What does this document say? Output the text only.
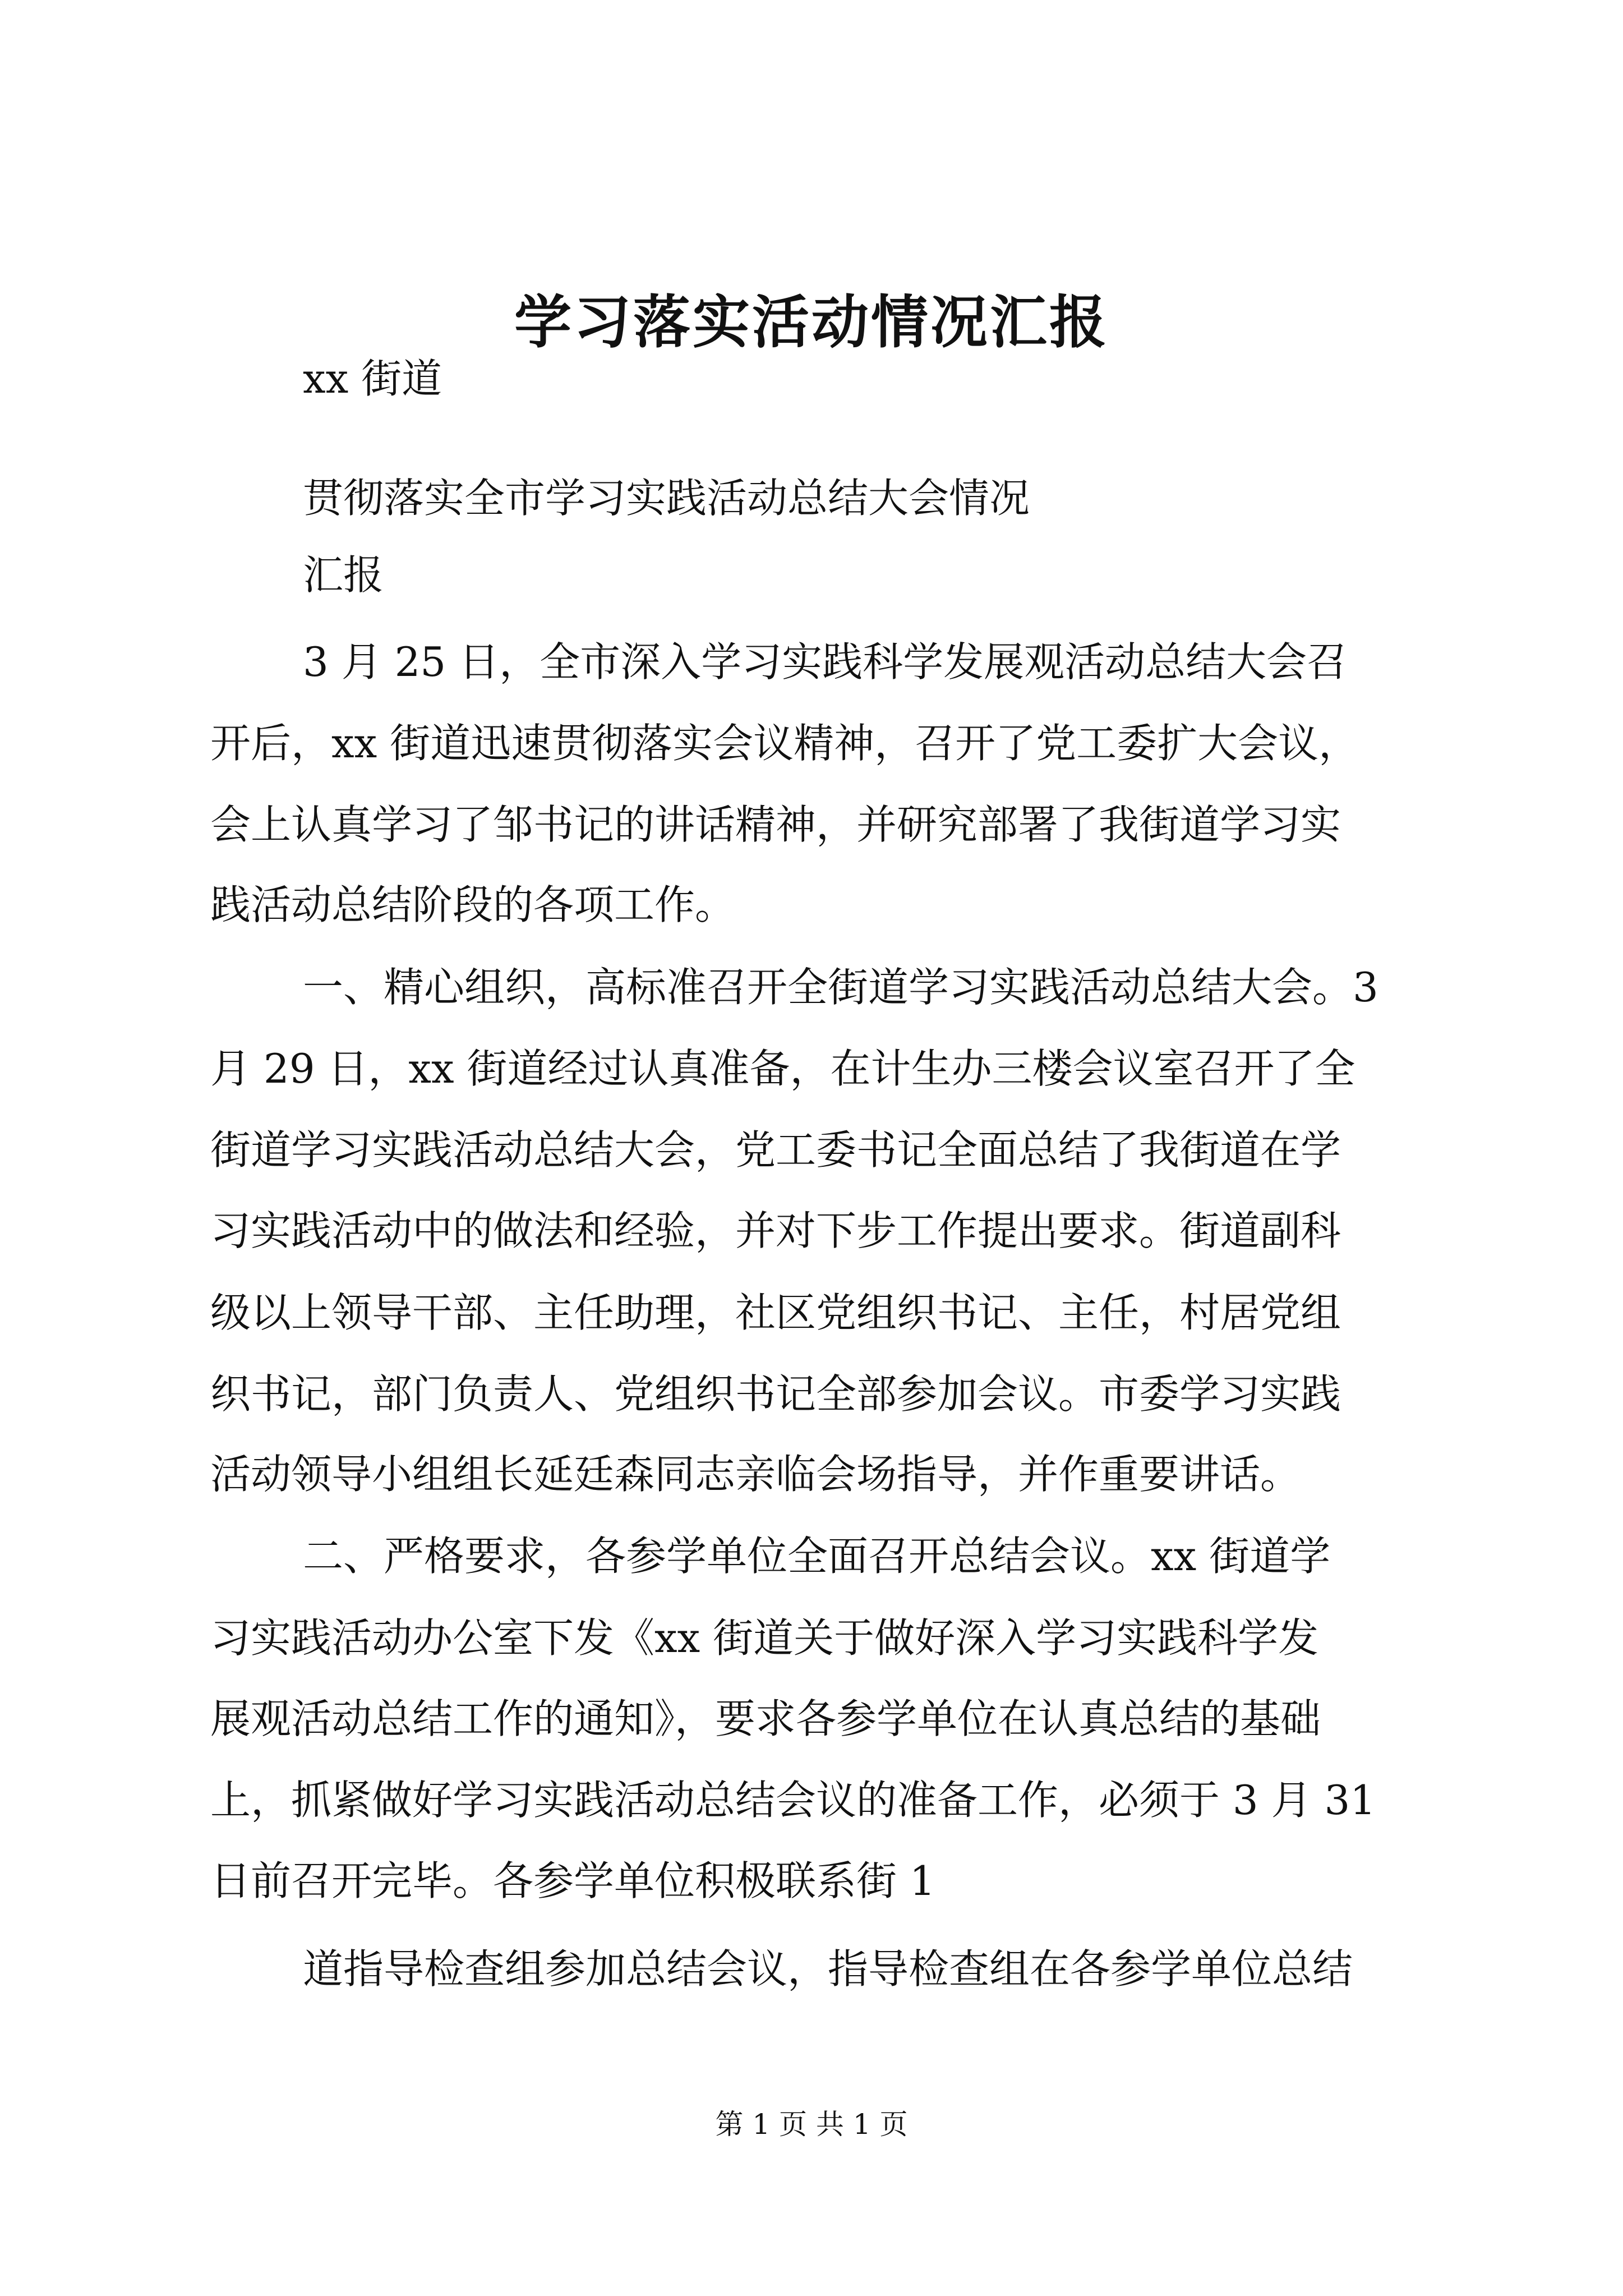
学习落实活动情况汇报

xx 街道

贯彻落实全市学习实践活动总结大会情况

汇报

3 月 25 日，全市深入学习实践科学发展观活动总结大会召

开后，xx 街道迅速贯彻落实会议精神，召开了党工委扩大会议，

会上认真学习了邹书记的讲话精神，并研究部署了我街道学习实

践活动总结阶段的各项工作。

一、精心组织，高标准召开全街道学习实践活动总结大会。3

月 29 日，xx 街道经过认真准备，在计生办三楼会议室召开了全

街道学习实践活动总结大会，党工委书记全面总结了我街道在学

习实践活动中的做法和经验，并对下步工作提出要求。街道副科

级以上领导干部、主任助理，社区党组织书记、主任，村居党组

织书记，部门负责人、党组织书记全部参加会议。市委学习实践

活动领导小组组长延廷森同志亲临会场指导，并作重要讲话。

二、严格要求，各参学单位全面召开总结会议。xx 街道学

习实践活动办公室下发《xx 街道关于做好深入学习实践科学发

展观活动总结工作的通知》，要求各参学单位在认真总结的基础

上，抓紧做好学习实践活动总结会议的准备工作，必须于 3 月 31

日前召开完毕。各参学单位积极联系街 1

道指导检查组参加总结会议，指导检查组在各参学单位总结

第 1 页 共 1 页
